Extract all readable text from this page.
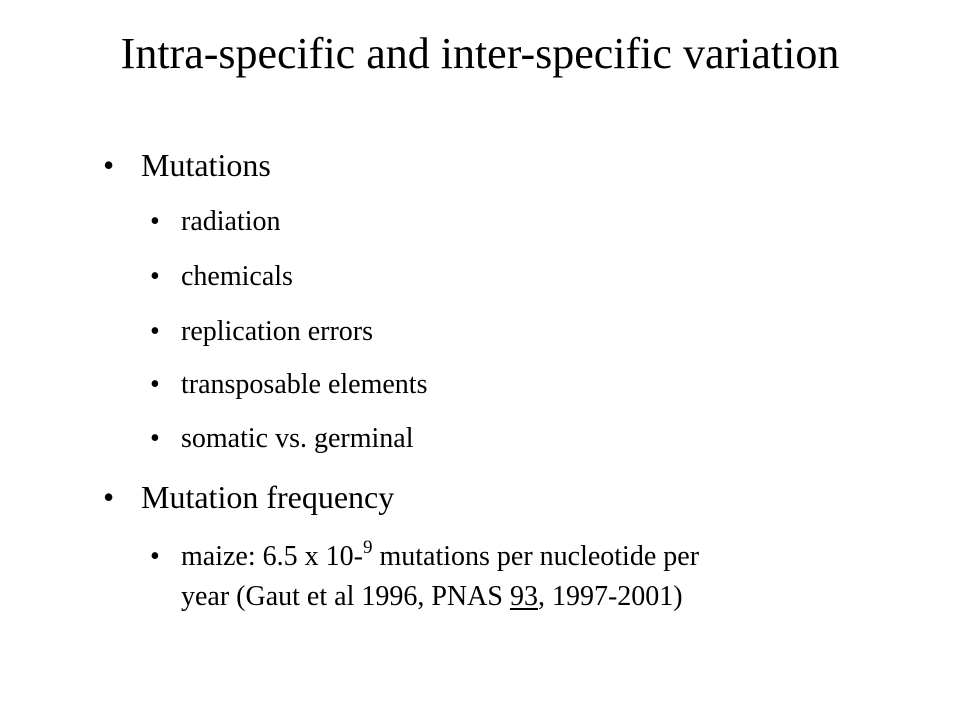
Intra-specific and inter-specific variation
• Mutations
• radiation
• chemicals
• replication errors
• transposable elements
• somatic vs. germinal
• Mutation frequency
• maize: 6.5 x 10-$^9$ mutations per nucleotide per
year (Gaut et al 1996, PNAS 93, 1997-2001)
